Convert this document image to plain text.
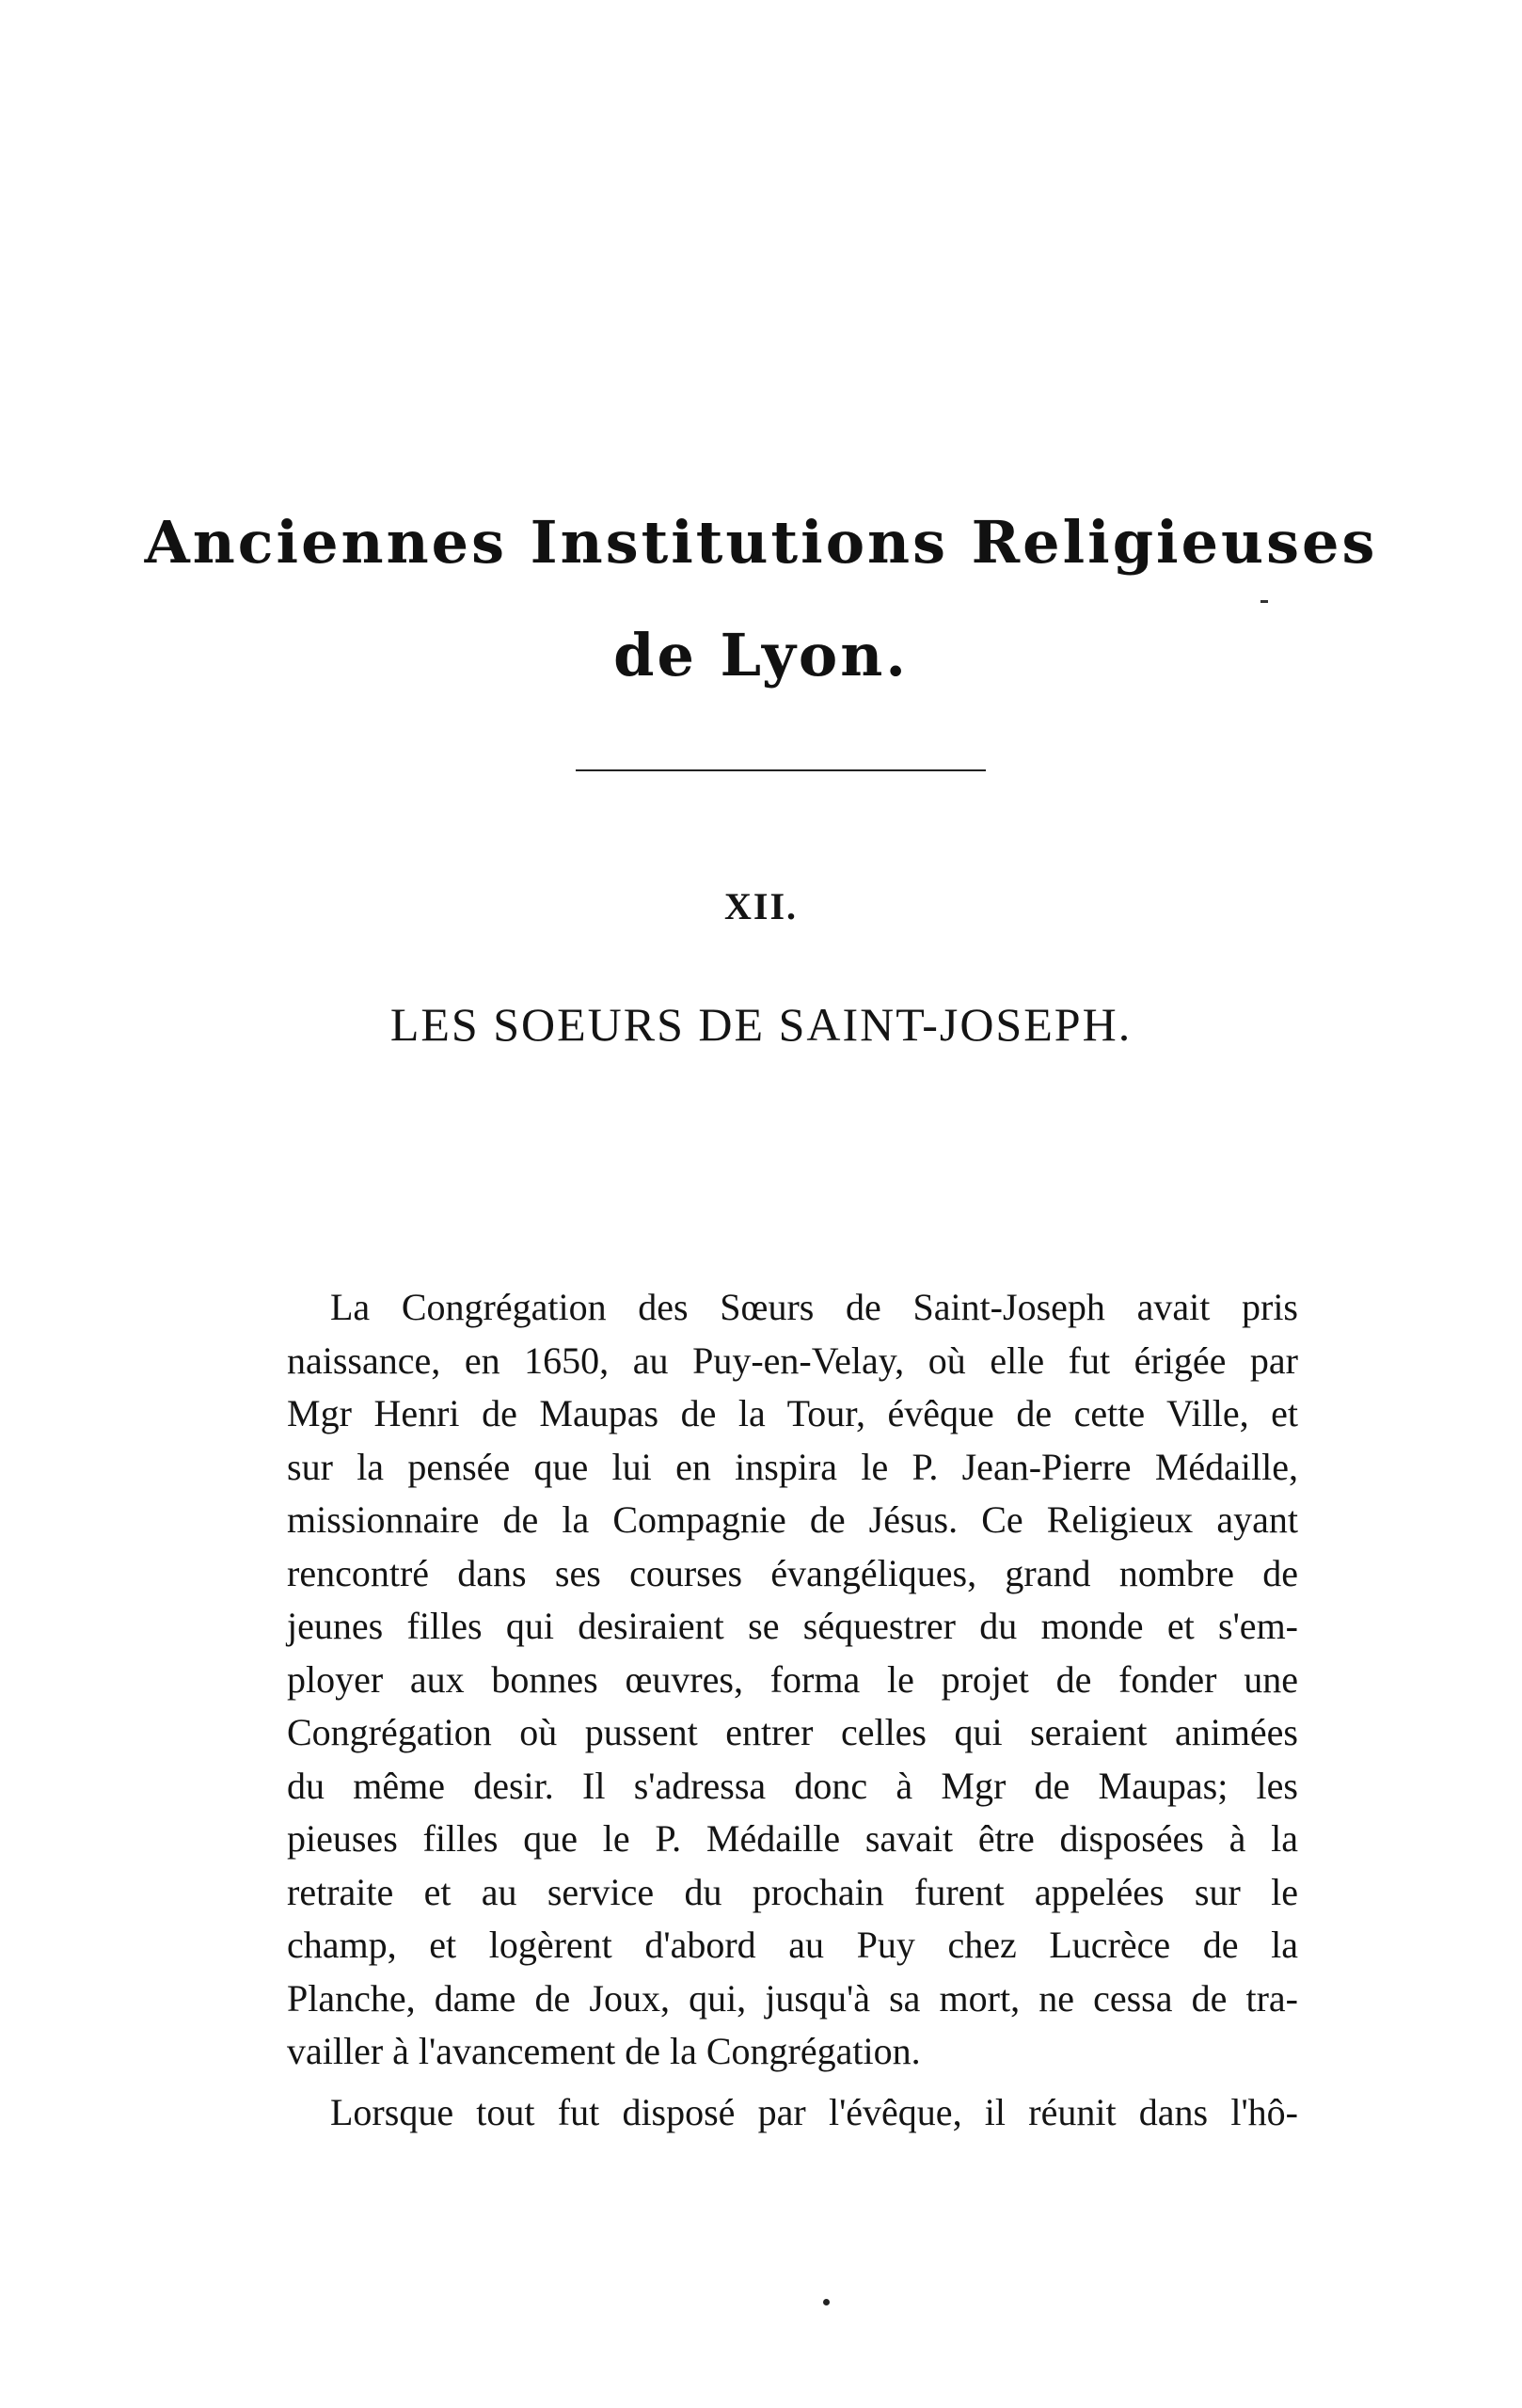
Anciennes Institutions Religieuses
de Lyon.
XII.
LES SOEURS DE SAINT-JOSEPH.
La Congrégation des Sœurs de Saint-Joseph avait pris
naissance, en 1650, au Puy-en-Velay, où elle fut érigée par
Mgr Henri de Maupas de la Tour, évêque de cette Ville, et
sur la pensée que lui en inspira le P. Jean-Pierre Médaille,
missionnaire de la Compagnie de Jésus. Ce Religieux ayant
rencontré dans ses courses évangéliques, grand nombre de
jeunes filles qui desiraient se séquestrer du monde et s'em-
ployer aux bonnes œuvres, forma le projet de fonder une
Congrégation où pussent entrer celles qui seraient animées
du même desir. Il s'adressa donc à Mgr de Maupas; les
pieuses filles que le P. Médaille savait être disposées à la
retraite et au service du prochain furent appelées sur le
champ, et logèrent d'abord au Puy chez Lucrèce de la
Planche, dame de Joux, qui, jusqu'à sa mort, ne cessa de tra-
vailler à l'avancement de la Congrégation.
Lorsque tout fut disposé par l'évêque, il réunit dans l'hô-
